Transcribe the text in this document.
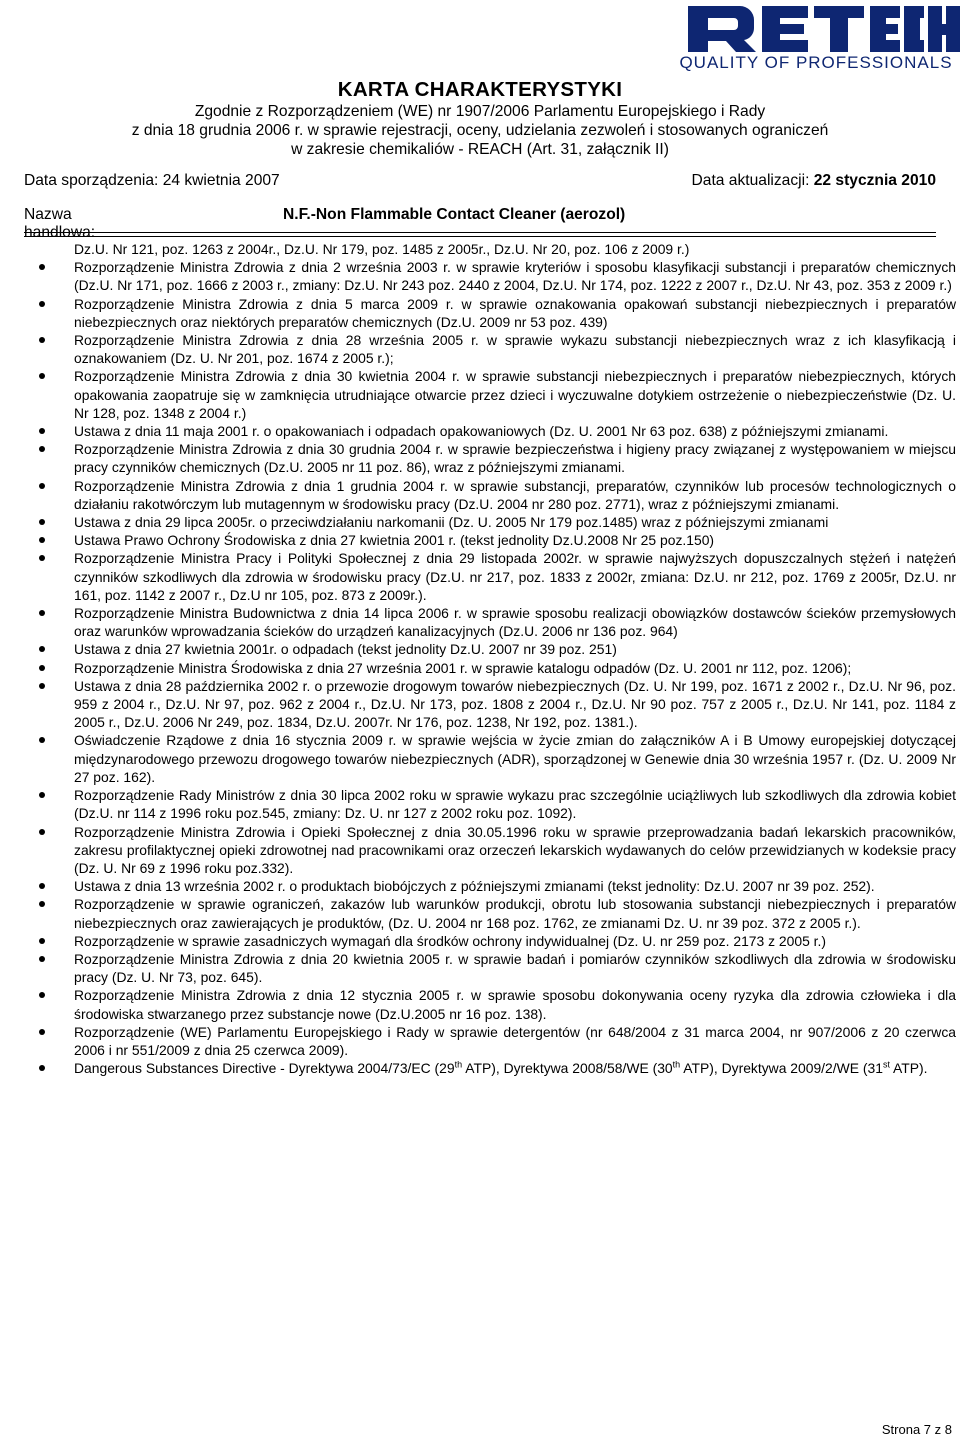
QUALITY OF PROFESSIONALS
KARTA CHARAKTERYSTYKI
Zgodnie z Rozporządzeniem (WE) nr 1907/2006 Parlamentu Europejskiego i Rady
z dnia 18 grudnia 2006 r. w sprawie rejestracji, oceny, udzielania zezwoleń i stosowanych ograniczeń
w zakresie chemikaliów - REACH (Art. 31, załącznik II)
Data sporządzenia: 24 kwietnia 2007	Data aktualizacji: 22 stycznia 2010
Nazwa handlowa:
N.F.-Non Flammable Contact Cleaner (aerozol)

Dz.U. Nr 121, poz. 1263 z 2004r., Dz.U. Nr 179, poz. 1485 z 2005r., Dz.U. Nr 20, poz. 106 z 2009 r.)

Rozporządzenie Ministra Zdrowia z dnia 2 września 2003 r. w sprawie kryteriów i sposobu klasyfikacji substancji i preparatów chemicznych (Dz.U. Nr 171, poz. 1666 z 2003 r., zmiany: Dz.U. Nr 243 poz. 2440 z 2004, Dz.U. Nr 174, poz. 1222 z 2007 r., Dz.U. Nr 43, poz. 353 z 2009 r.)
Rozporządzenie Ministra Zdrowia z dnia 5 marca 2009 r. w sprawie oznakowania opakowań substancji niebezpiecznych i preparatów niebezpiecznych oraz niektórych preparatów chemicznych (Dz.U. 2009 nr 53 poz. 439)
Rozporządzenie Ministra Zdrowia z dnia 28 września 2005 r. w sprawie wykazu substancji niebezpiecznych wraz z ich klasyfikacją i oznakowaniem (Dz. U. Nr 201, poz. 1674 z 2005 r.);
Rozporządzenie Ministra Zdrowia z dnia 30 kwietnia 2004 r. w sprawie substancji niebezpiecznych i preparatów niebezpiecznych, których opakowania zaopatruje się w zamknięcia utrudniające otwarcie przez dzieci i wyczuwalne dotykiem ostrzeżenie o niebezpieczeństwie (Dz. U. Nr 128, poz. 1348 z 2004 r.)
Ustawa z dnia 11 maja 2001 r. o opakowaniach i odpadach opakowaniowych (Dz. U. 2001 Nr 63 poz. 638) z późniejszymi zmianami.
Rozporządzenie Ministra Zdrowia z dnia 30 grudnia 2004 r. w sprawie bezpieczeństwa i higieny pracy związanej z występowaniem w miejscu pracy czynników chemicznych (Dz.U. 2005 nr 11 poz. 86), wraz z późniejszymi zmianami.
Rozporządzenie Ministra Zdrowia z dnia 1 grudnia 2004 r. w sprawie substancji, preparatów, czynników lub procesów technologicznych o działaniu rakotwórczym lub mutagennym w środowisku pracy (Dz.U. 2004 nr 280 poz. 2771), wraz z późniejszymi zmianami.
Ustawa z dnia 29 lipca 2005r. o przeciwdziałaniu narkomanii (Dz. U. 2005 Nr 179 poz.1485) wraz z późniejszymi zmianami
Ustawa Prawo Ochrony Środowiska z dnia 27 kwietnia 2001 r. (tekst jednolity Dz.U.2008 Nr 25 poz.150)
Rozporządzenie Ministra Pracy i Polityki Społecznej z dnia 29 listopada 2002r. w sprawie najwyższych dopuszczalnych stężeń i natężeń czynników szkodliwych dla zdrowia w środowisku pracy (Dz.U. nr 217, poz. 1833 z 2002r, zmiana: Dz.U. nr 212, poz. 1769 z 2005r, Dz.U. nr 161, poz. 1142 z 2007 r., Dz.U nr 105, poz. 873 z 2009r.).
Rozporządzenie Ministra Budownictwa z dnia 14 lipca 2006 r. w sprawie sposobu realizacji obowiązków dostawców ścieków przemysłowych oraz warunków wprowadzania ścieków do urządzeń kanalizacyjnych (Dz.U. 2006 nr 136 poz. 964)
Ustawa z dnia 27 kwietnia 2001r. o odpadach (tekst jednolity Dz.U. 2007 nr 39 poz. 251)
Rozporządzenie Ministra Środowiska z dnia 27 września 2001 r. w sprawie katalogu odpadów (Dz. U. 2001 nr 112, poz. 1206);
Ustawa z dnia 28 października 2002 r. o przewozie drogowym towarów niebezpiecznych (Dz. U. Nr 199, poz. 1671 z 2002 r., Dz.U. Nr 96, poz. 959 z 2004 r., Dz.U. Nr 97, poz. 962 z 2004 r., Dz.U. Nr 173, poz. 1808 z 2004 r., Dz.U. Nr 90 poz. 757 z 2005 r., Dz.U. Nr 141, poz. 1184 z 2005 r., Dz.U. 2006 Nr 249, poz. 1834, Dz.U. 2007r. Nr 176, poz. 1238, Nr 192, poz. 1381.).
Oświadczenie Rządowe z dnia 16 stycznia 2009 r. w sprawie wejścia w życie zmian do załączników A i B Umowy europejskiej dotyczącej międzynarodowego przewozu drogowego towarów niebezpiecznych (ADR), sporządzonej w Genewie dnia 30 września 1957 r. (Dz. U. 2009 Nr 27 poz. 162).
Rozporządzenie Rady Ministrów z dnia 30 lipca 2002 roku w sprawie wykazu prac szczególnie uciążliwych lub szkodliwych dla zdrowia kobiet (Dz.U. nr 114 z 1996 roku poz.545, zmiany: Dz. U. nr 127 z 2002 roku poz. 1092).
Rozporządzenie Ministra Zdrowia i Opieki Społecznej z dnia 30.05.1996 roku w sprawie przeprowadzania badań lekarskich pracowników, zakresu profilaktycznej opieki zdrowotnej nad pracownikami oraz orzeczeń lekarskich wydawanych do celów przewidzianych w kodeksie pracy (Dz. U. Nr 69 z 1996 roku poz.332).
Ustawa z dnia 13 września 2002 r. o produktach biobójczych z późniejszymi zmianami (tekst jednolity: Dz.U. 2007 nr 39 poz. 252).
Rozporządzenie w sprawie ograniczeń, zakazów lub warunków produkcji, obrotu lub stosowania substancji niebezpiecznych i preparatów niebezpiecznych oraz zawierających je produktów, (Dz. U. 2004 nr 168 poz. 1762, ze zmianami Dz. U. nr 39 poz. 372 z 2005 r.).
Rozporządzenie w sprawie zasadniczych wymagań dla środków ochrony indywidualnej (Dz. U. nr 259 poz. 2173 z 2005 r.)
Rozporządzenie Ministra Zdrowia z dnia 20 kwietnia 2005 r. w sprawie badań i pomiarów czynników szkodliwych dla zdrowia w środowisku pracy (Dz. U. Nr 73, poz. 645).
Rozporządzenie Ministra Zdrowia z dnia 12 stycznia 2005 r. w sprawie sposobu dokonywania oceny ryzyka dla zdrowia człowieka i dla środowiska stwarzanego przez substancje nowe (Dz.U.2005 nr 16 poz. 138).
Rozporządzenie (WE) Parlamentu Europejskiego i Rady w sprawie detergentów (nr 648/2004 z 31 marca 2004, nr 907/2006 z 20 czerwca 2006 i nr 551/2009 z dnia 25 czerwca 2009).
Dangerous Substances Directive - Dyrektywa 2004/73/EC (29th ATP), Dyrektywa 2008/58/WE (30th ATP), Dyrektywa 2009/2/WE (31st ATP).
Strona 7 z 8
